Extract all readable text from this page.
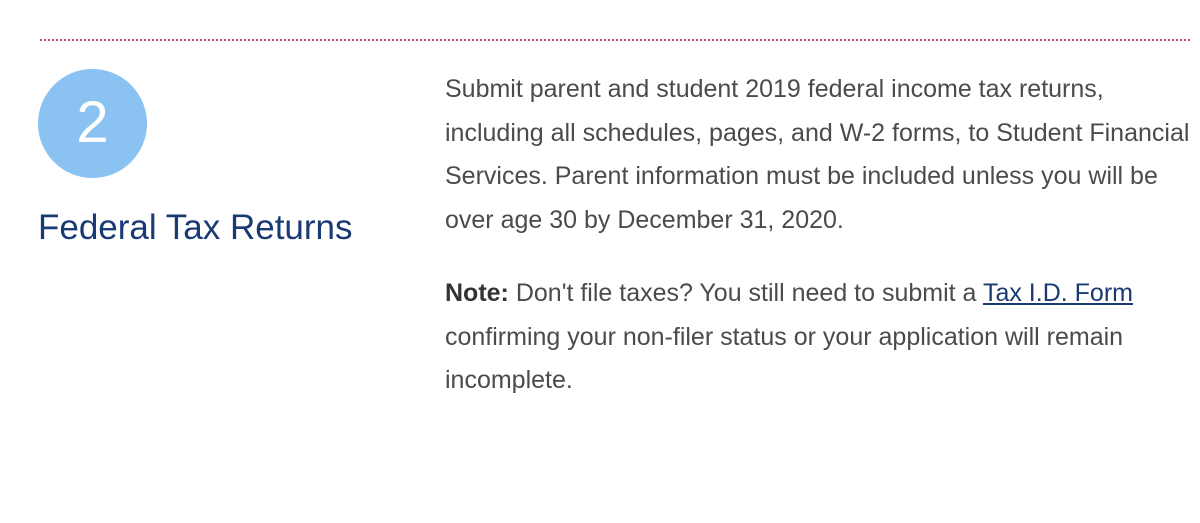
2
Federal Tax Returns

Submit parent and student 2019 federal income tax returns, including all schedules, pages, and W-2 forms, to Student Financial Services. Parent information must be included unless you will be over age 30 by December 31, 2020.

Note: Don't file taxes? You still need to submit a Tax I.D. Form confirming your non-filer status or your application will remain incomplete.
